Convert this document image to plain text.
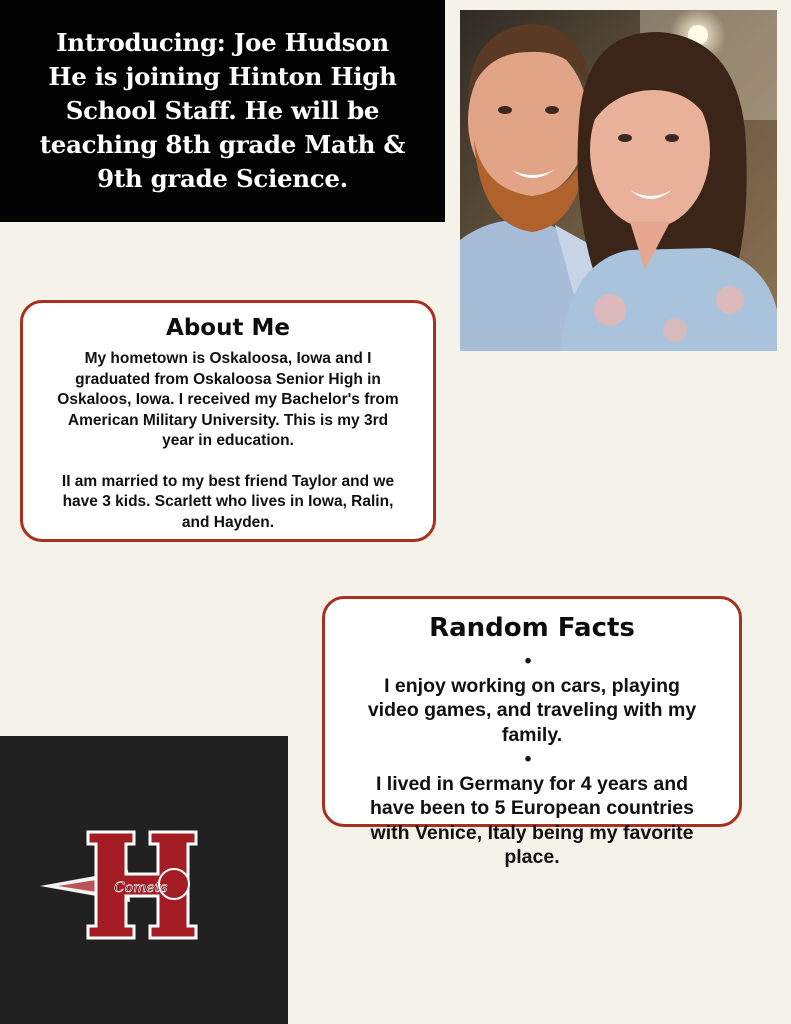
Introducing: Joe Hudson
He is joining Hinton High
School Staff. He will be
teaching 8th grade Math &
9th grade Science.

About Me

My hometown is Oskaloosa, Iowa and I
graduated from Oskaloosa Senior High in
Oskaloos, Iowa. I received my Bachelor's from
American Military University. This is my 3rd
year in education.
II am married to my best friend Taylor and we
have 3 kids. Scarlett who lives in Iowa, Ralin,
and Hayden.

Random Facts
•
I enjoy working on cars, playing
video games, and traveling with my
family.
•
I lived in Germany for 4 years and
have been to 5 European countries
with Venice, Italy being my favorite
place.
Comets
